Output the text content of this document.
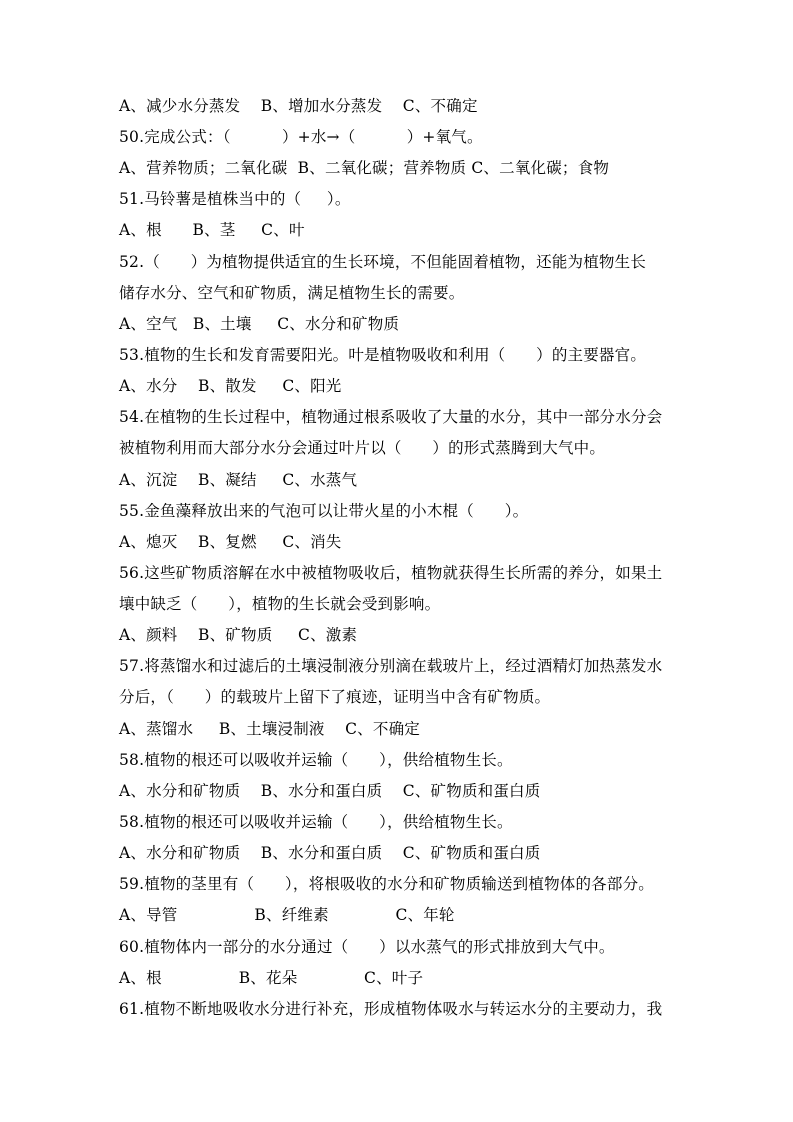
A、减少水分蒸发    B、增加水分蒸发    C、不确定
50.完成公式：（          ）+水→（          ）+氧气。
A、营养物质；二氧化碳  B、二氧化碳；营养物质 C、二氧化碳；食物
51.马铃薯是植株当中的（     ）。
A、根      B、茎     C、叶
52.（      ）为植物提供适宜的生长环境，不但能固着植物，还能为植物生长
储存水分、空气和矿物质，满足植物生长的需要。
A、空气   B、土壤     C、水分和矿物质
53.植物的生长和发育需要阳光。叶是植物吸收和利用（      ）的主要器官。
A、水分    B、散发     C、阳光
54.在植物的生长过程中，植物通过根系吸收了大量的水分，其中一部分水分会
被植物利用而大部分水分会通过叶片以（      ）的形式蒸腾到大气中。
A、沉淀    B、凝结     C、水蒸气
55.金鱼藻释放出来的气泡可以让带火星的小木棍（      ）。
A、熄灭    B、复燃     C、消失
56.这些矿物质溶解在水中被植物吸收后，植物就获得生长所需的养分，如果土
壤中缺乏（      ），植物的生长就会受到影响。
A、颜料    B、矿物质     C、激素
57.将蒸馏水和过滤后的土壤浸制液分别滴在载玻片上，经过酒精灯加热蒸发水
分后，（      ）的载玻片上留下了痕迹，证明当中含有矿物质。
A、蒸馏水     B、土壤浸制液    C、不确定
58.植物的根还可以吸收并运输（      ），供给植物生长。
A、水分和矿物质    B、水分和蛋白质    C、矿物质和蛋白质
58.植物的根还可以吸收并运输（      ），供给植物生长。
A、水分和矿物质    B、水分和蛋白质    C、矿物质和蛋白质
59.植物的茎里有（      ），将根吸收的水分和矿物质输送到植物体的各部分。
A、导管               B、纤维素             C、年轮
60.植物体内一部分的水分通过（      ）以水蒸气的形式排放到大气中。
A、根               B、花朵             C、叶子
61.植物不断地吸收水分进行补充，形成植物体吸水与转运水分的主要动力，我
